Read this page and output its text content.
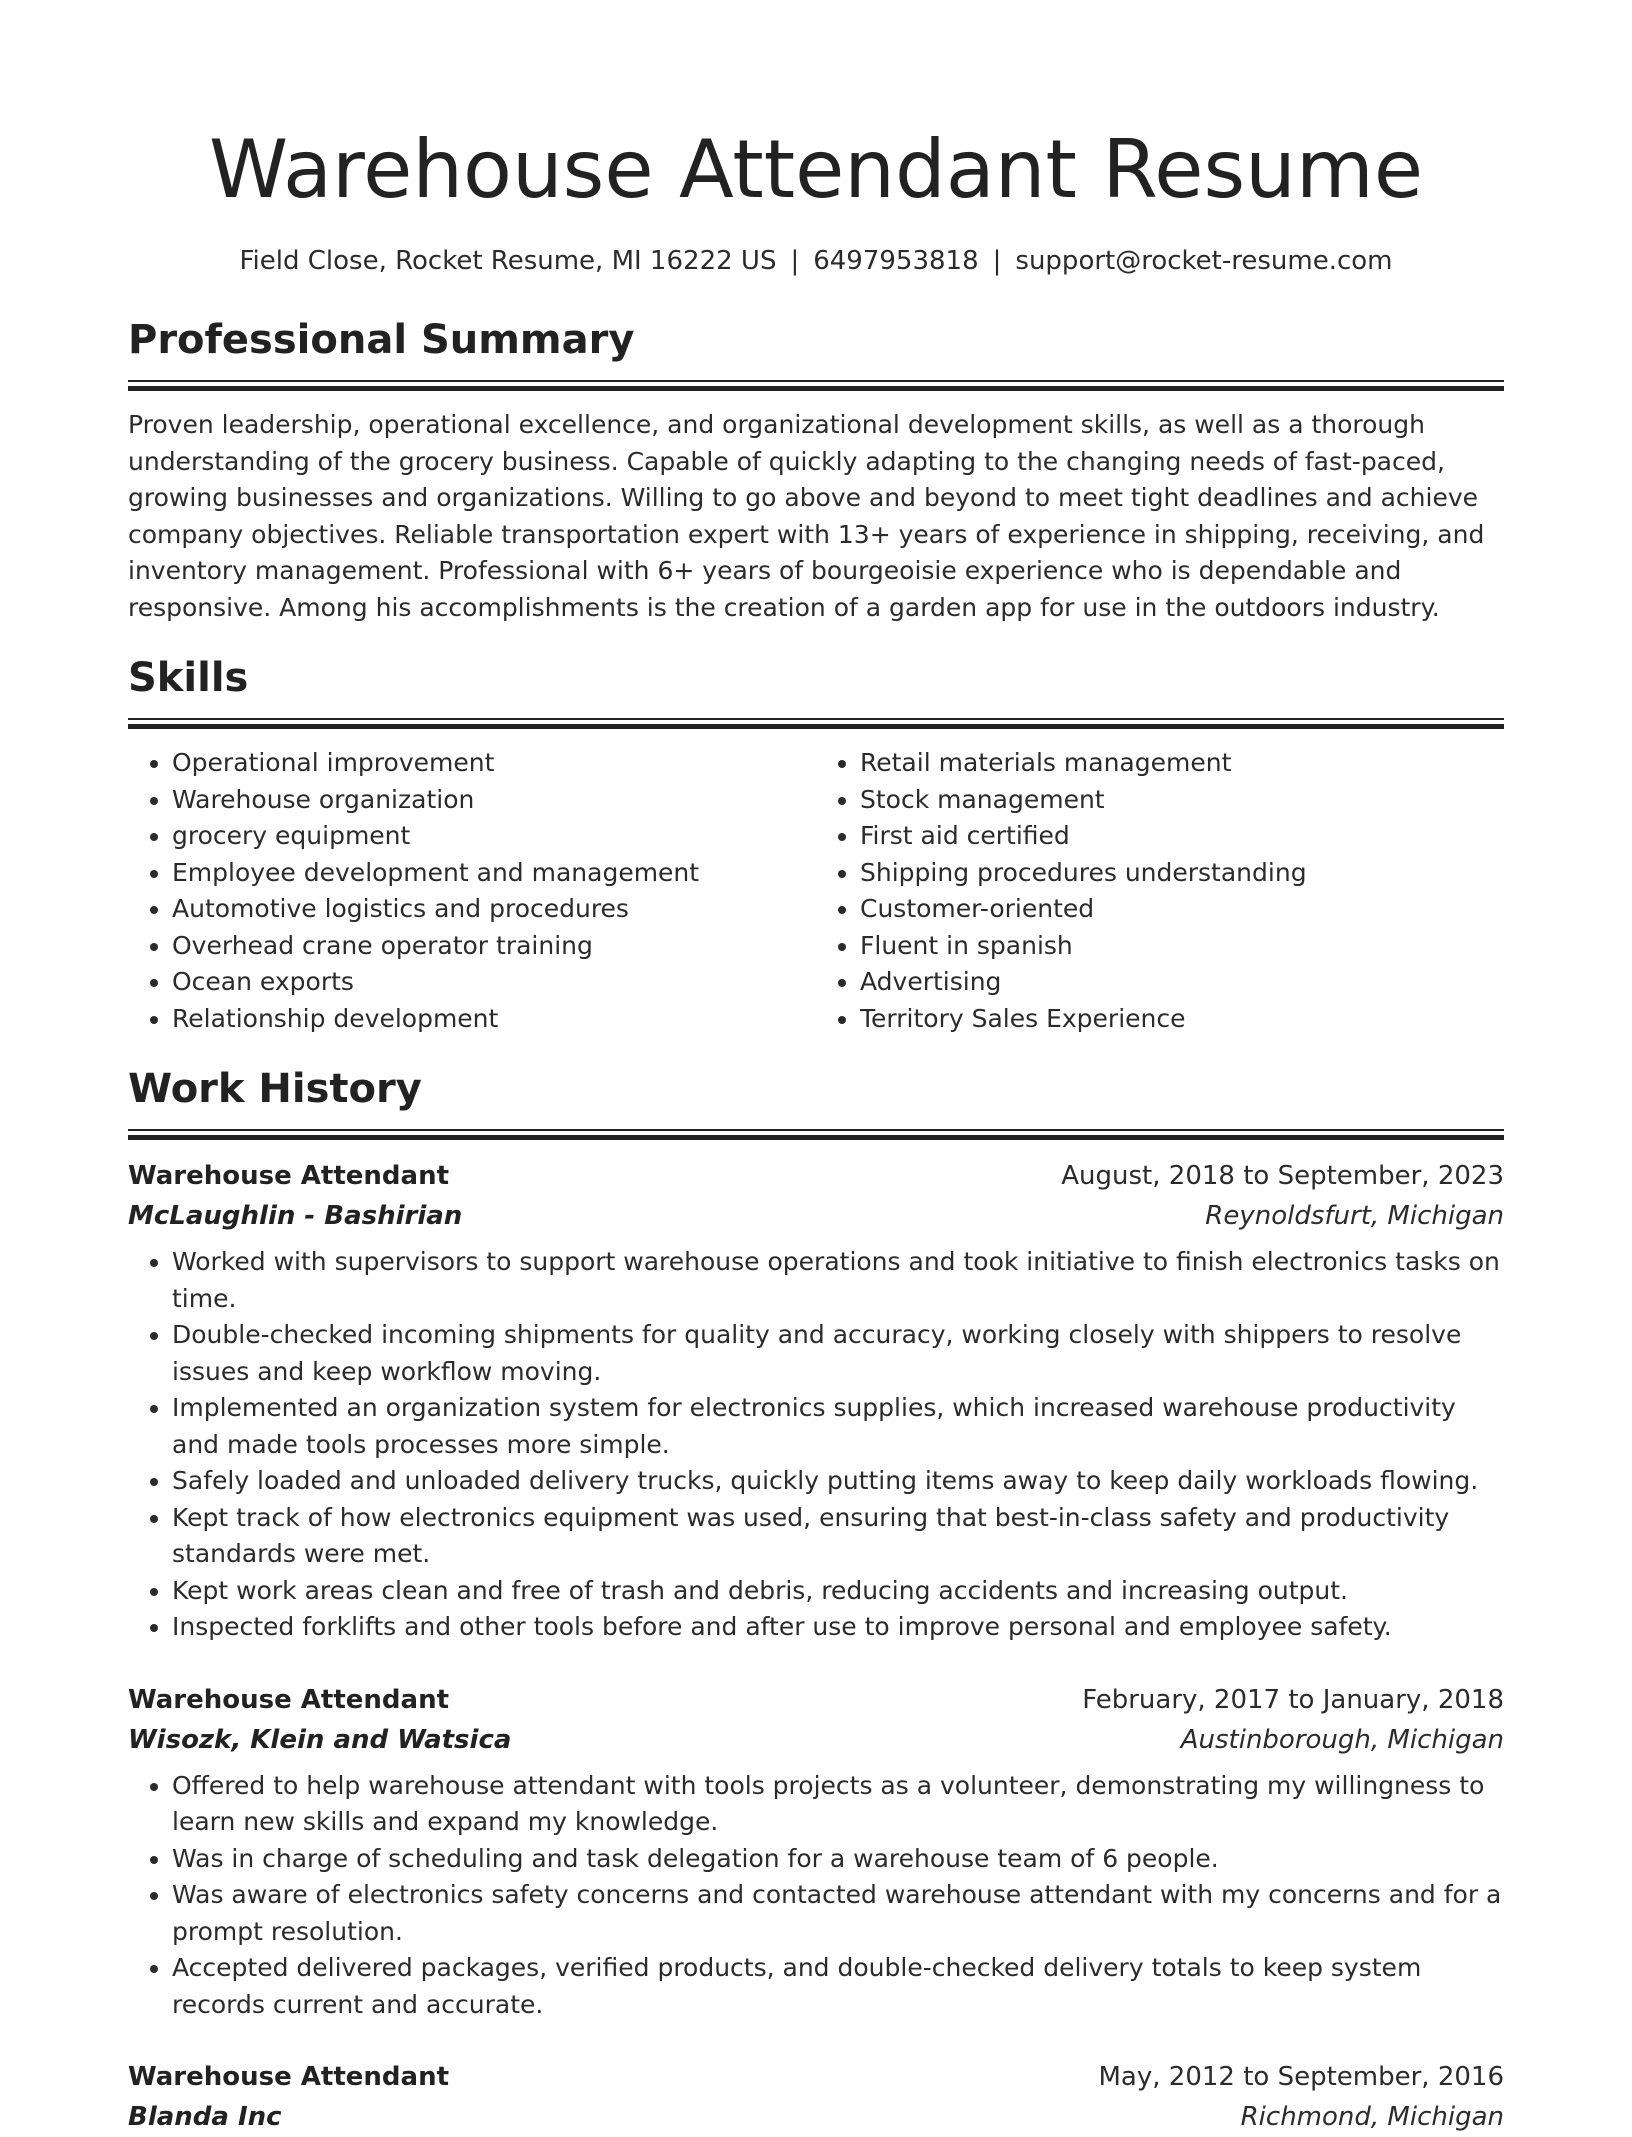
Warehouse Attendant Resume
Field Close, Rocket Resume, MI 16222 US | 6497953818 | support@rocket-resume.com
Professional Summary

Proven leadership, operational excellence, and organizational development skills, as well as a thorough understanding of the grocery business. Capable of quickly adapting to the changing needs of fast-paced, growing businesses and organizations. Willing to go above and beyond to meet tight deadlines and achieve company objectives. Reliable transportation expert with 13+ years of experience in shipping, receiving, and inventory management. Professional with 6+ years of bourgeoisie experience who is dependable and responsive. Among his accomplishments is the creation of a garden app for use in the outdoors industry.

Skills
• Operational improvement
• Warehouse organization
• grocery equipment
• Employee development and management
• Automotive logistics and procedures
• Overhead crane operator training
• Ocean exports
• Relationship development
• Retail materials management
• Stock management
• First aid certified
• Shipping procedures understanding
• Customer-oriented
• Fluent in spanish
• Advertising
• Territory Sales Experience
Work History
Warehouse Attendant	August, 2018 to September, 2023
McLaughlin - Bashirian	Reynoldsfurt, Michigan
• Worked with supervisors to support warehouse operations and took initiative to finish electronics tasks on time.
• Double-checked incoming shipments for quality and accuracy, working closely with shippers to resolve issues and keep workflow moving.
• Implemented an organization system for electronics supplies, which increased warehouse productivity and made tools processes more simple.
• Safely loaded and unloaded delivery trucks, quickly putting items away to keep daily workloads flowing.
• Kept track of how electronics equipment was used, ensuring that best-in-class safety and productivity standards were met.
• Kept work areas clean and free of trash and debris, reducing accidents and increasing output.
• Inspected forklifts and other tools before and after use to improve personal and employee safety.
Warehouse Attendant	February, 2017 to January, 2018
Wisozk, Klein and Watsica	Austinborough, Michigan
• Offered to help warehouse attendant with tools projects as a volunteer, demonstrating my willingness to learn new skills and expand my knowledge.
• Was in charge of scheduling and task delegation for a warehouse team of 6 people.
• Was aware of electronics safety concerns and contacted warehouse attendant with my concerns and for a prompt resolution.
• Accepted delivered packages, verified products, and double-checked delivery totals to keep system records current and accurate.
Warehouse Attendant	May, 2012 to September, 2016
Blanda Inc	Richmond, Michigan
